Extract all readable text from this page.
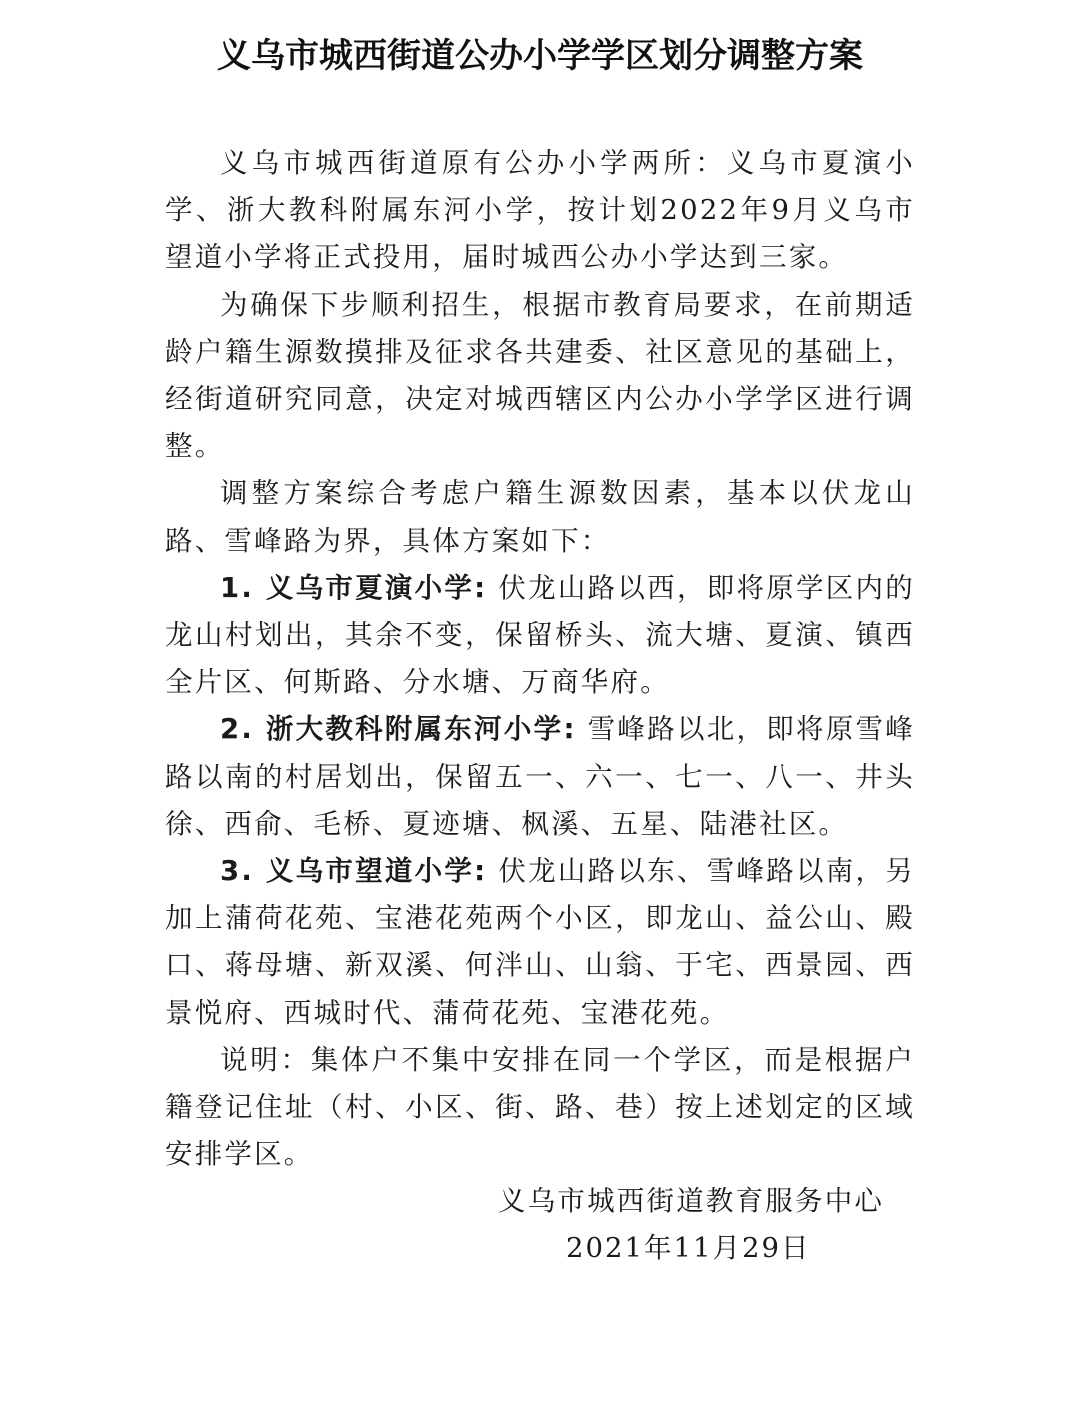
义乌市城西街道公办小学学区划分调整方案

义乌市城西街道原有公办小学两所：义乌市夏演小学、浙大教科附属东河小学，按计划2022年9月义乌市望道小学将正式投用，届时城西公办小学达到三家。

为确保下步顺利招生，根据市教育局要求，在前期适龄户籍生源数摸排及征求各共建委、社区意见的基础上，经街道研究同意，决定对城西辖区内公办小学学区进行调整。

调整方案综合考虑户籍生源数因素，基本以伏龙山路、雪峰路为界，具体方案如下：

1. 义乌市夏演小学: 伏龙山路以西，即将原学区内的龙山村划出，其余不变，保留桥头、流大塘、夏演、镇西全片区、何斯路、分水塘、万商华府。

2. 浙大教科附属东河小学: 雪峰路以北，即将原雪峰路以南的村居划出，保留五一、六一、七一、八一、井头徐、西俞、毛桥、夏迹塘、枫溪、五星、陆港社区。

3. 义乌市望道小学: 伏龙山路以东、雪峰路以南，另加上蒲荷花苑、宝港花苑两个小区，即龙山、益公山、殿口、蒋母塘、新双溪、何泮山、山翁、于宅、西景园、西景悦府、西城时代、蒲荷花苑、宝港花苑。

说明：集体户不集中安排在同一个学区，而是根据户籍登记住址（村、小区、街、路、巷）按上述划定的区域安排学区。

义乌市城西街道教育服务中心
2021年11月29日
